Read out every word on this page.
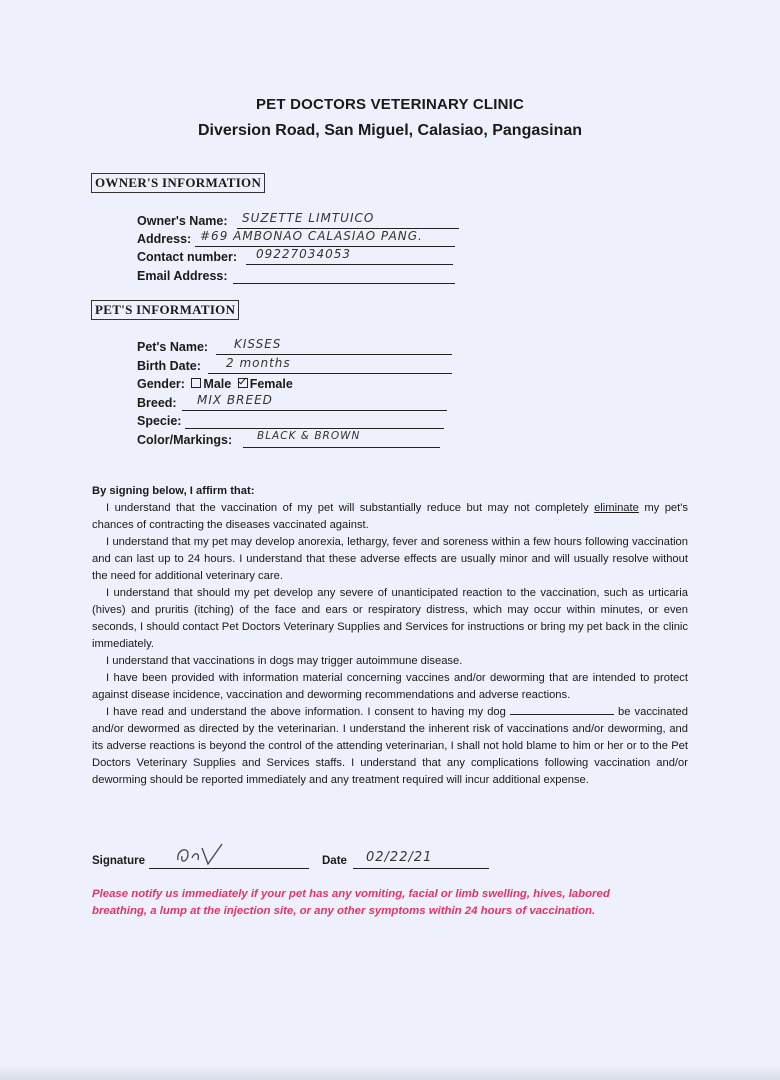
PET DOCTORS VETERINARY CLINIC
Diversion Road, San Miguel, Calasiao, Pangasinan
OWNER'S INFORMATION
Owner's Name: SUZETTE LIMTUICO
Address: #69 AMBONAO CALASIAO PANG.
Contact number: 09227034053
Email Address:
PET'S INFORMATION
Pet's Name: KISSES
Birth Date: 2 months
Gender: Male Female
Breed: MIX BREED
Specie:
Color/Markings: BLACK & BROWN

By signing below, I affirm that:

I understand that the vaccination of my pet will substantially reduce but may not completely eliminate my pet's chances of contracting the diseases vaccinated against.

I understand that my pet may develop anorexia, lethargy, fever and soreness within a few hours following vaccination and can last up to 24 hours. I understand that these adverse effects are usually minor and will usually resolve without the need for additional veterinary care.

I understand that should my pet develop any severe of unanticipated reaction to the vaccination, such as urticaria (hives) and pruritis (itching) of the face and ears or respiratory distress, which may occur within minutes, or even seconds, I should contact Pet Doctors Veterinary Supplies and Services for instructions or bring my pet back in the clinic immediately.

I understand that vaccinations in dogs may trigger autoimmune disease.

I have been provided with information material concerning vaccines and/or deworming that are intended to protect against disease incidence, vaccination and deworming recommendations and adverse reactions.

I have read and understand the above information. I consent to having my dog	be vaccinated and/or dewormed as directed by the veterinarian. I understand the inherent risk of vaccinations and/or deworming, and its adverse reactions is beyond the control of the attending veterinarian, I shall not hold blame to him or her or to the Pet Doctors Veterinary Supplies and Services staffs. I understand that any complications following vaccination and/or deworming should be reported immediately and any treatment required will incur additional expense.

Signature	Date 02/22/21
Please notify us immediately if your pet has any vomiting, facial or limb swelling, hives, labored breathing, a lump at the injection site, or any other symptoms within 24 hours of vaccination.
